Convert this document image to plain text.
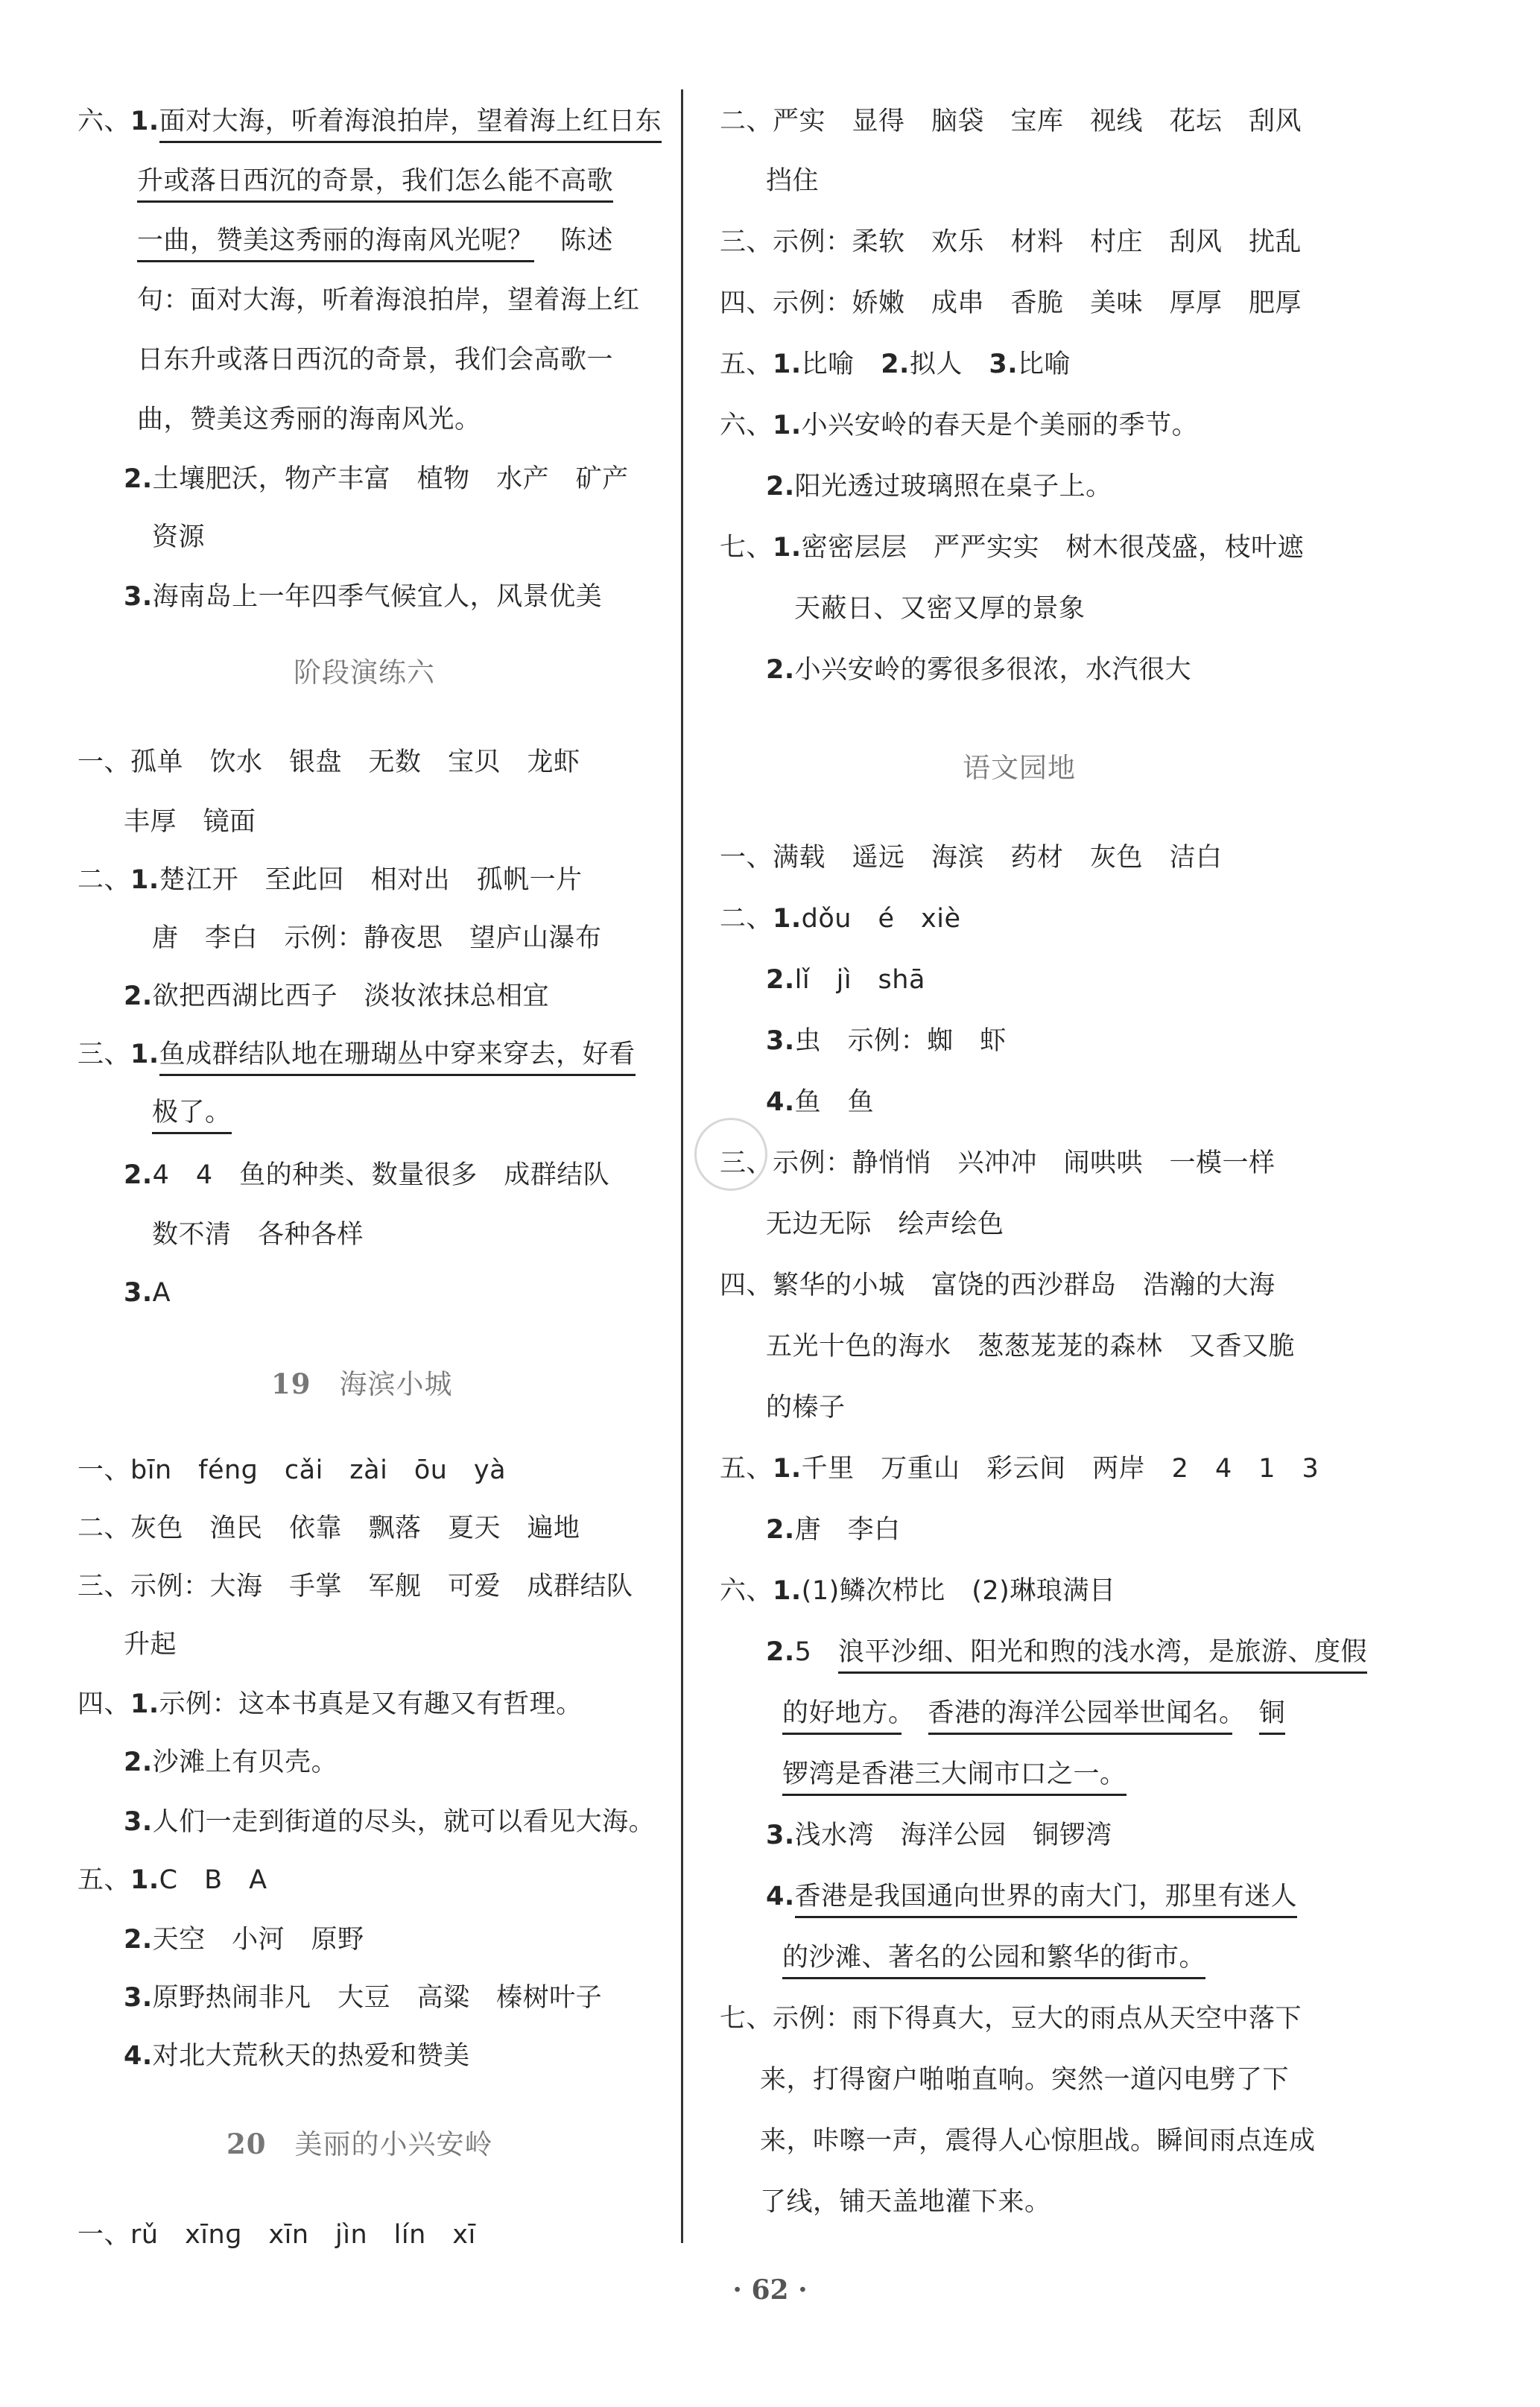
六、1.面对大海，听着海浪拍岸，望着海上红日东
升或落日西沉的奇景，我们怎么能不高歌
一曲，赞美这秀丽的海南风光呢？　 陈述
句：面对大海，听着海浪拍岸，望着海上红
日东升或落日西沉的奇景，我们会高歌一
曲，赞美这秀丽的海南风光。
2.土壤肥沃，物产丰富　植物　水产　矿产
资源
3.海南岛上一年四季气候宜人，风景优美
阶段演练六
一、孤单　饮水　银盘　无数　宝贝　龙虾
丰厚　镜面
二、1.楚江开　至此回　相对出　孤帆一片
唐　李白　示例：静夜思　望庐山瀑布
2.欲把西湖比西子　淡妆浓抹总相宜
三、1.鱼成群结队地在珊瑚丛中穿来穿去，好看
极了。
2.4　4　鱼的种类、数量很多　成群结队
数不清　各种各样
3.A
19　 海滨小城
一、bīn　fénɡ　cǎi　zài　ōu　yà
二、灰色　渔民　依靠　飘落　夏天　遍地
三、示例：大海　手掌　军舰　可爱　成群结队
升起
四、1.示例：这本书真是又有趣又有哲理。
2.沙滩上有贝壳。
3.人们一走到街道的尽头，就可以看见大海。
五、1.C　B　A
2.天空　小河　原野
3.原野热闹非凡　大豆　高粱　榛树叶子
4.对北大荒秋天的热爱和赞美
20　 美丽的小兴安岭
一、rǔ　xīnɡ　xīn　jìn　lín　xī
二、严实　显得　脑袋　宝库　视线　花坛　刮风
挡住
三、示例：柔软　欢乐　材料　村庄　刮风　扰乱
四、示例：娇嫩　成串　香脆　美味　厚厚　肥厚
五、1.比喻　2.拟人　3.比喻
六、1.小兴安岭的春天是个美丽的季节。
2.阳光透过玻璃照在桌子上。
七、1.密密层层　严严实实　树木很茂盛，枝叶遮
天蔽日、又密又厚的景象
2.小兴安岭的雾很多很浓，水汽很大
语文园地
一、满载　遥远　海滨　药材　灰色　洁白
二、1.dǒu　é　xiè
2.lǐ　jì　shā
3.虫　示例：蜘　虾
4.鱼　鱼
三、示例：静悄悄　兴冲冲　闹哄哄　一模一样
无边无际　绘声绘色
四、繁华的小城　富饶的西沙群岛　浩瀚的大海
五光十色的海水　葱葱茏茏的森林　又香又脆
的榛子
五、1.千里　万重山　彩云间　两岸　2　4　1　3
2.唐　李白
六、1.(1)鳞次栉比　(2)琳琅满目
2.5　浪平沙细、阳光和煦的浅水湾，是旅游、度假
的好地方。　 香港的海洋公园举世闻名。　 铜
锣湾是香港三大闹市口之一。
3.浅水湾　海洋公园　铜锣湾
4.香港是我国通向世界的南大门，那里有迷人
的沙滩、著名的公园和繁华的街市。
七、示例：雨下得真大，豆大的雨点从天空中落下
来，打得窗户啪啪直响。突然一道闪电劈了下
来，咔嚓一声，震得人心惊胆战。瞬间雨点连成
了线，铺天盖地灌下来。
· 62 ·
